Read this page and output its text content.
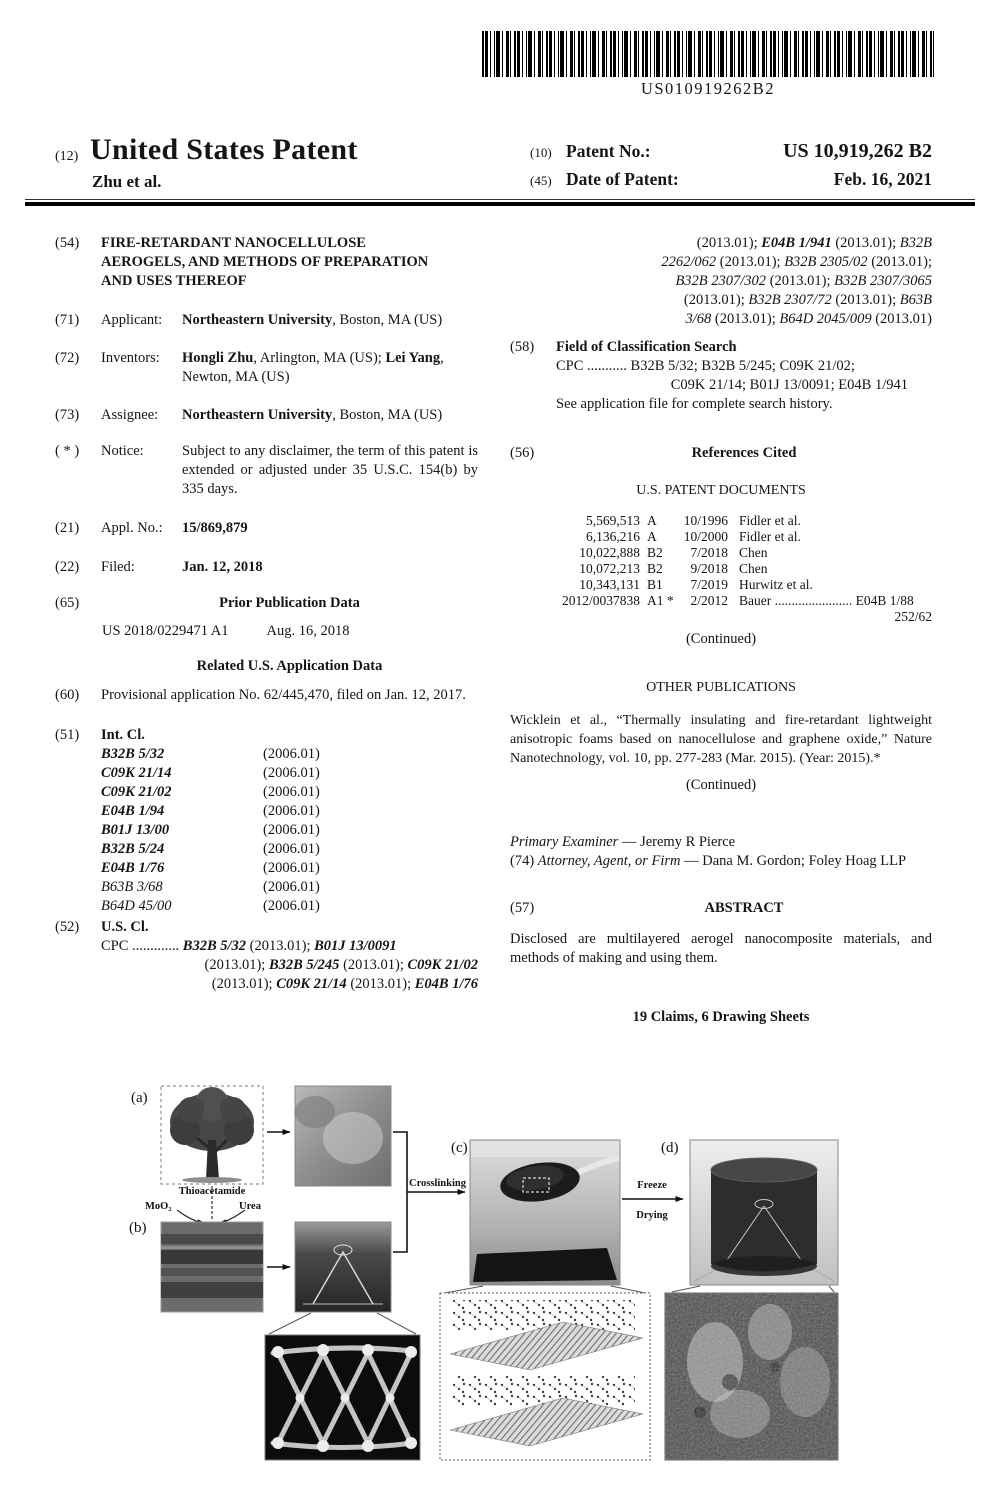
US010919262B2
(12) United States Patent
Zhu et al.
(10) Patent No.:	US 10,919,262 B2
(45) Date of Patent:	Feb. 16, 2021
(54)	FIRE-RETARDANT NANOCELLULOSE AEROGELS, AND METHODS OF PREPARATION AND USES THEREOF
(71)	Applicant:	Northeastern University, Boston, MA (US)
(72)	Inventors:	Hongli Zhu, Arlington, MA (US); Lei Yang, Newton, MA (US)
(73)	Assignee:	Northeastern University, Boston, MA (US)
( * )	Notice:	Subject to any disclaimer, the term of this patent is extended or adjusted under 35 U.S.C. 154(b) by 335 days.
(21)	Appl. No.:	15/869,879
(22)	Filed:	Jan. 12, 2018
(65)	Prior Publication Data
US 2018/0229471 A1	Aug. 16, 2018
Related U.S. Application Data
(60)	Provisional application No. 62/445,470, filed on Jan. 12, 2017.
(51)	Int. Cl.
B32B 5/32	(2006.01)
C09K 21/14	(2006.01)
C09K 21/02	(2006.01)
E04B 1/94	(2006.01)
B01J 13/00	(2006.01)
B32B 5/24	(2006.01)
E04B 1/76	(2006.01)
B63B 3/68	(2006.01)
B64D 45/00	(2006.01)
(52)	U.S. Cl.
CPC ............. B32B 5/32 (2013.01); B01J 13/0091
(2013.01); B32B 5/245 (2013.01); C09K 21/02
(2013.01); C09K 21/14 (2013.01); E04B 1/76
(2013.01); E04B 1/941 (2013.01); B32B
2262/062 (2013.01); B32B 2305/02 (2013.01);
B32B 2307/302 (2013.01); B32B 2307/3065
(2013.01); B32B 2307/72 (2013.01); B63B
3/68 (2013.01); B64D 2045/009 (2013.01)
(58)	Field of Classification Search
CPC ........... B32B 5/32; B32B 5/245; C09K 21/02;
C09K 21/14; B01J 13/0091; E04B 1/941
See application file for complete search history.
(56)	References Cited
U.S. PATENT DOCUMENTS
5,569,513 A	10/1996 Fidler et al.
6,136,216 A	10/2000 Fidler et al.
10,022,888 B2	7/2018 Chen
10,072,213 B2	9/2018 Chen
10,343,131 B1	7/2019 Hurwitz et al.
2012/0037838 A1 *	2/2012 Bauer ....................... E04B 1/88
252/62
(Continued)
OTHER PUBLICATIONS
Wicklein et al., “Thermally insulating and fire-retardant lightweight anisotropic foams based on nanocellulose and graphene oxide,” Nature Nanotechnology, vol. 10, pp. 277-283 (Mar. 2015). (Year: 2015).*
(Continued)
Primary Examiner — Jeremy R Pierce
(74) Attorney, Agent, or Firm — Dana M. Gordon; Foley Hoag LLP
(57)	ABSTRACT
Disclosed are multilayered aerogel nanocomposite materials, and methods of making and using them.
19 Claims, 6 Drawing Sheets
(a)
Thioacetamide
MoO₂	Urea
(b)
Crosslinking
(c)
Freeze
Drying
(d)
